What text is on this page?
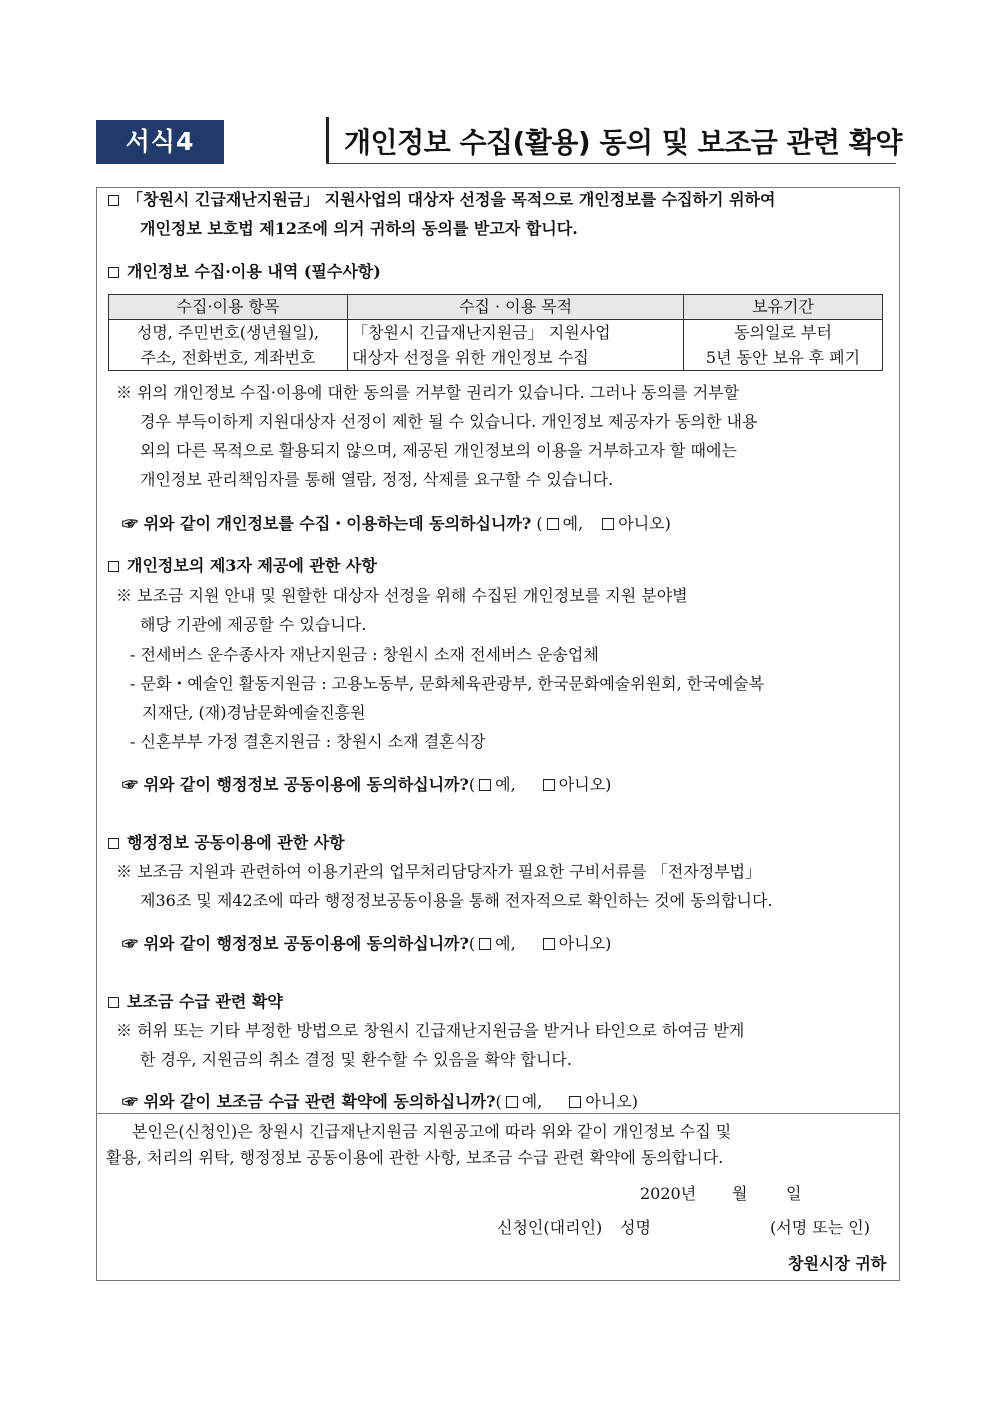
서식4	개인정보 수집(활용) 동의 및 보조금 관련 확약
「창원시 긴급재난지원금」 지원사업의 대상자 선정을 목적으로 개인정보를 수집하기 위하여
개인정보 보호법 제12조에 의거 귀하의 동의를 받고자 합니다.
개인정보 수집·이용 내역 (필수사항)
수집·이용 항목	수집 · 이용 목적	보유기간
성명, 주민번호(생년월일),	「창원시 긴급재난지원금」 지원사업	동의일로 부터
주소, 전화번호, 계좌번호	대상자 선정을 위한 개인정보 수집	5년 동안 보유 후 폐기
※ 위의 개인정보 수집·이용에 대한 동의를 거부할 권리가 있습니다. 그러나 동의를 거부할
경우 부득이하게 지원대상자 선정이 제한 될 수 있습니다. 개인정보 제공자가 동의한 내용
외의 다른 목적으로 활용되지 않으며, 제공된 개인정보의 이용을 거부하고자 할 때에는
개인정보 관리책임자를 통해 열람, 정정, 삭제를 요구할 수 있습니다.
☞ 위와 같이 개인정보를 수집・이용하는데 동의하십니까? ( 예, 아니오)
개인정보의 제3자 제공에 관한 사항
※ 보조금 지원 안내 및 원할한 대상자 선정을 위해 수집된 개인정보를 지원 분야별
해당 기관에 제공할 수 있습니다.
- 전세버스 운수종사자 재난지원금 : 창원시 소재 전세버스 운송업체
- 문화・예술인 활동지원금 : 고용노동부, 문화체육관광부, 한국문화예술위원회, 한국예술복
지재단, (재)경남문화예술진흥원
- 신혼부부 가정 결혼지원금 : 창원시 소재 결혼식장
☞ 위와 같이 행정정보 공동이용에 동의하십니까?( 예,	아니오)
행정정보 공동이용에 관한 사항
※ 보조금 지원과 관련하여 이용기관의 업무처리담당자가 필요한 구비서류를 「전자정부법」
제36조 및 제42조에 따라 행정정보공동이용을 통해 전자적으로 확인하는 것에 동의합니다.
☞ 위와 같이 행정정보 공동이용에 동의하십니까?( 예,	아니오)
보조금 수급 관련 확약
※ 허위 또는 기타 부정한 방법으로 창원시 긴급재난지원금을 받거나 타인으로 하여금 받게
한 경우, 지원금의 취소 결정 및 환수할 수 있음을 확약 합니다.
☞ 위와 같이 보조금 수급 관련 확약에 동의하십니까?( 예,	아니오)
본인은(신청인)은 창원시 긴급재난지원금 지원공고에 따라 위와 같이 개인정보 수집 및
활용, 처리의 위탁, 행정정보 공동이용에 관한 사항, 보조금 수급 관련 확약에 동의합니다.
2020년 월 일
신청인(대리인) 성명	(서명 또는 인)
창원시장 귀하
